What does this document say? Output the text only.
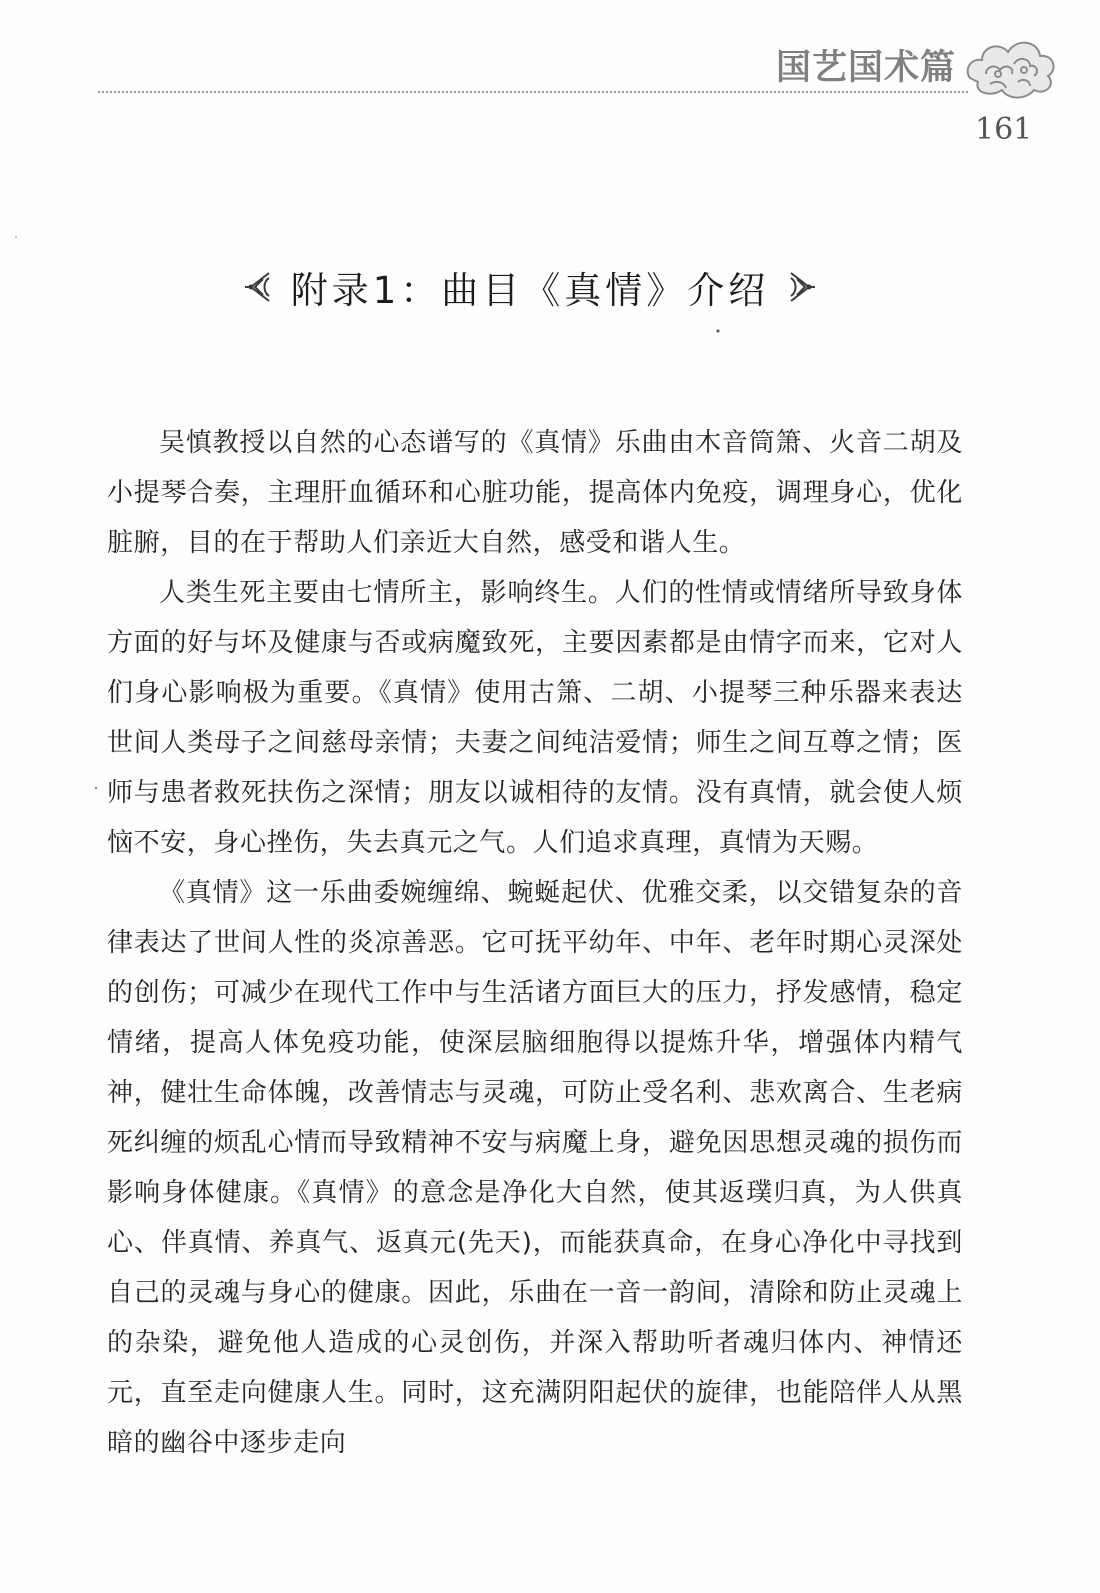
国艺国术篇
161
附录1：曲目《真情》介绍

吴慎教授以自然的心态谱写的《真情》乐曲由木音筒箫、火音二胡及小提琴合奏，主理肝血循环和心脏功能，提高体内免疫，调理身心，优化脏腑，目的在于帮助人们亲近大自然，感受和谐人生。

人类生死主要由七情所主，影响终生。人们的性情或情绪所导致身体方面的好与坏及健康与否或病魔致死，主要因素都是由情字而来，它对人们身心影响极为重要。《真情》使用古箫、二胡、小提琴三种乐器来表达世间人类母子之间慈母亲情；夫妻之间纯洁爱情；师生之间互尊之情；医师与患者救死扶伤之深情；朋友以诚相待的友情。没有真情，就会使人烦恼不安，身心挫伤，失去真元之气。人们追求真理，真情为天赐。

《真情》这一乐曲委婉缠绵、蜿蜒起伏、优雅交柔，以交错复杂的音律表达了世间人性的炎凉善恶。它可抚平幼年、中年、老年时期心灵深处的创伤；可减少在现代工作中与生活诸方面巨大的压力，抒发感情，稳定情绪，提高人体免疫功能，使深层脑细胞得以提炼升华，增强体内精气神，健壮生命体魄，改善情志与灵魂，可防止受名利、悲欢离合、生老病死纠缠的烦乱心情而导致精神不安与病魔上身，避免因思想灵魂的损伤而影响身体健康。《真情》的意念是净化大自然，使其返璞归真，为人供真心、伴真情、养真气、返真元(先天)，而能获真命，在身心净化中寻找到自己的灵魂与身心的健康。因此，乐曲在一音一韵间，清除和防止灵魂上的杂染，避免他人造成的心灵创伤，并深入帮助听者魂归体内、神情还元，直至走向健康人生。同时，这充满阴阳起伏的旋律，也能陪伴人从黑暗的幽谷中逐步走向
